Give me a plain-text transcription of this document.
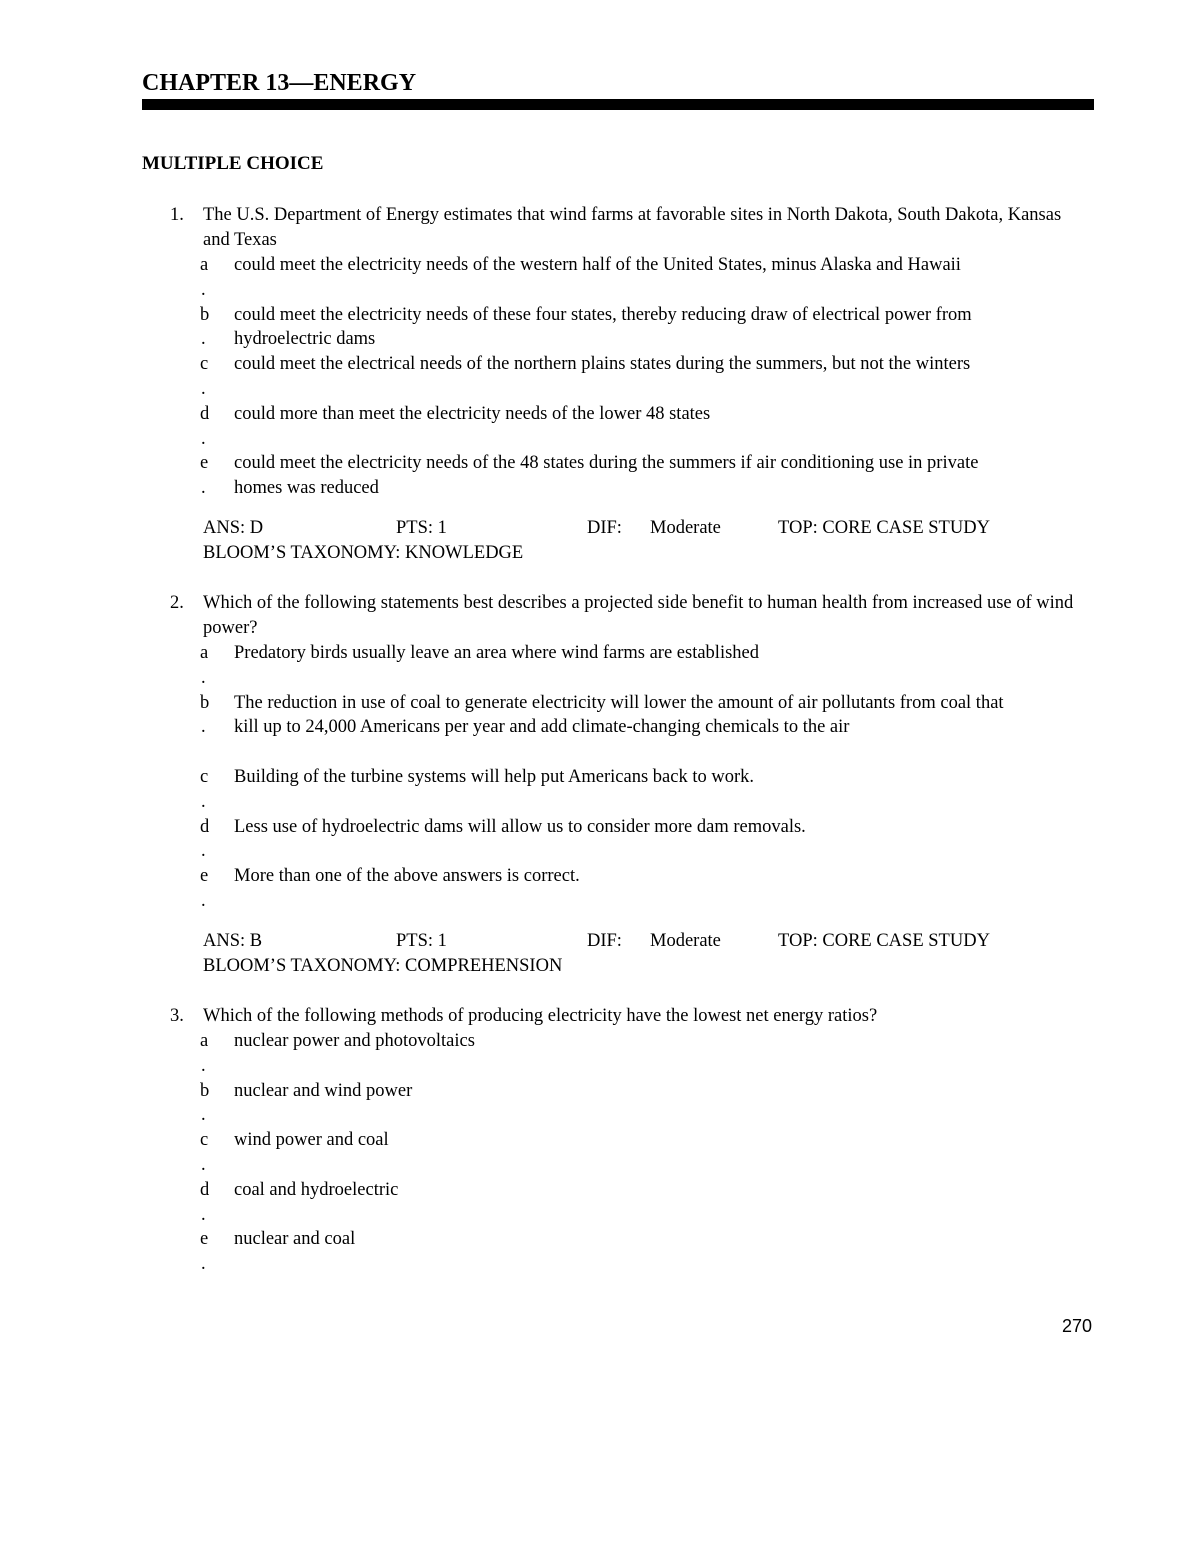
CHAPTER 13—ENERGY
MULTIPLE CHOICE
1. The U.S. Department of Energy estimates that wind farms at favorable sites in North Dakota, South Dakota, Kansas and Texas
a
.
could meet the electricity needs of the western half of the United States, minus Alaska and Hawaii
b
.
could meet the electricity needs of these four states, thereby reducing draw of electrical power from hydroelectric dams
c
.
could meet the electrical needs of the northern plains states during the summers, but not the winters
d
.
could more than meet the electricity needs of the lower 48 states
e
.
could meet the electricity needs of the 48 states during the summers if air conditioning use in private homes was reduced
ANS: D	PTS: 1	DIF: Moderate	TOP: CORE CASE STUDY
BLOOM’S TAXONOMY: KNOWLEDGE
2. Which of the following statements best describes a projected side benefit to human health from increased use of wind power?
a
.
Predatory birds usually leave an area where wind farms are established
b
.
The reduction in use of coal to generate electricity will lower the amount of air pollutants from coal that kill up to 24,000 Americans per year and add climate-changing chemicals to the air
c
.
Building of the turbine systems will help put Americans back to work.
d
.
Less use of hydroelectric dams will allow us to consider more dam removals.
e
.
More than one of the above answers is correct.
ANS: B	PTS: 1	DIF: Moderate	TOP: CORE CASE STUDY
BLOOM’S TAXONOMY: COMPREHENSION
3. Which of the following methods of producing electricity have the lowest net energy ratios?
a
.
nuclear power and photovoltaics
b
.
nuclear and wind power
c
.
wind power and coal
d
.
coal and hydroelectric
e
.
nuclear and coal
270
